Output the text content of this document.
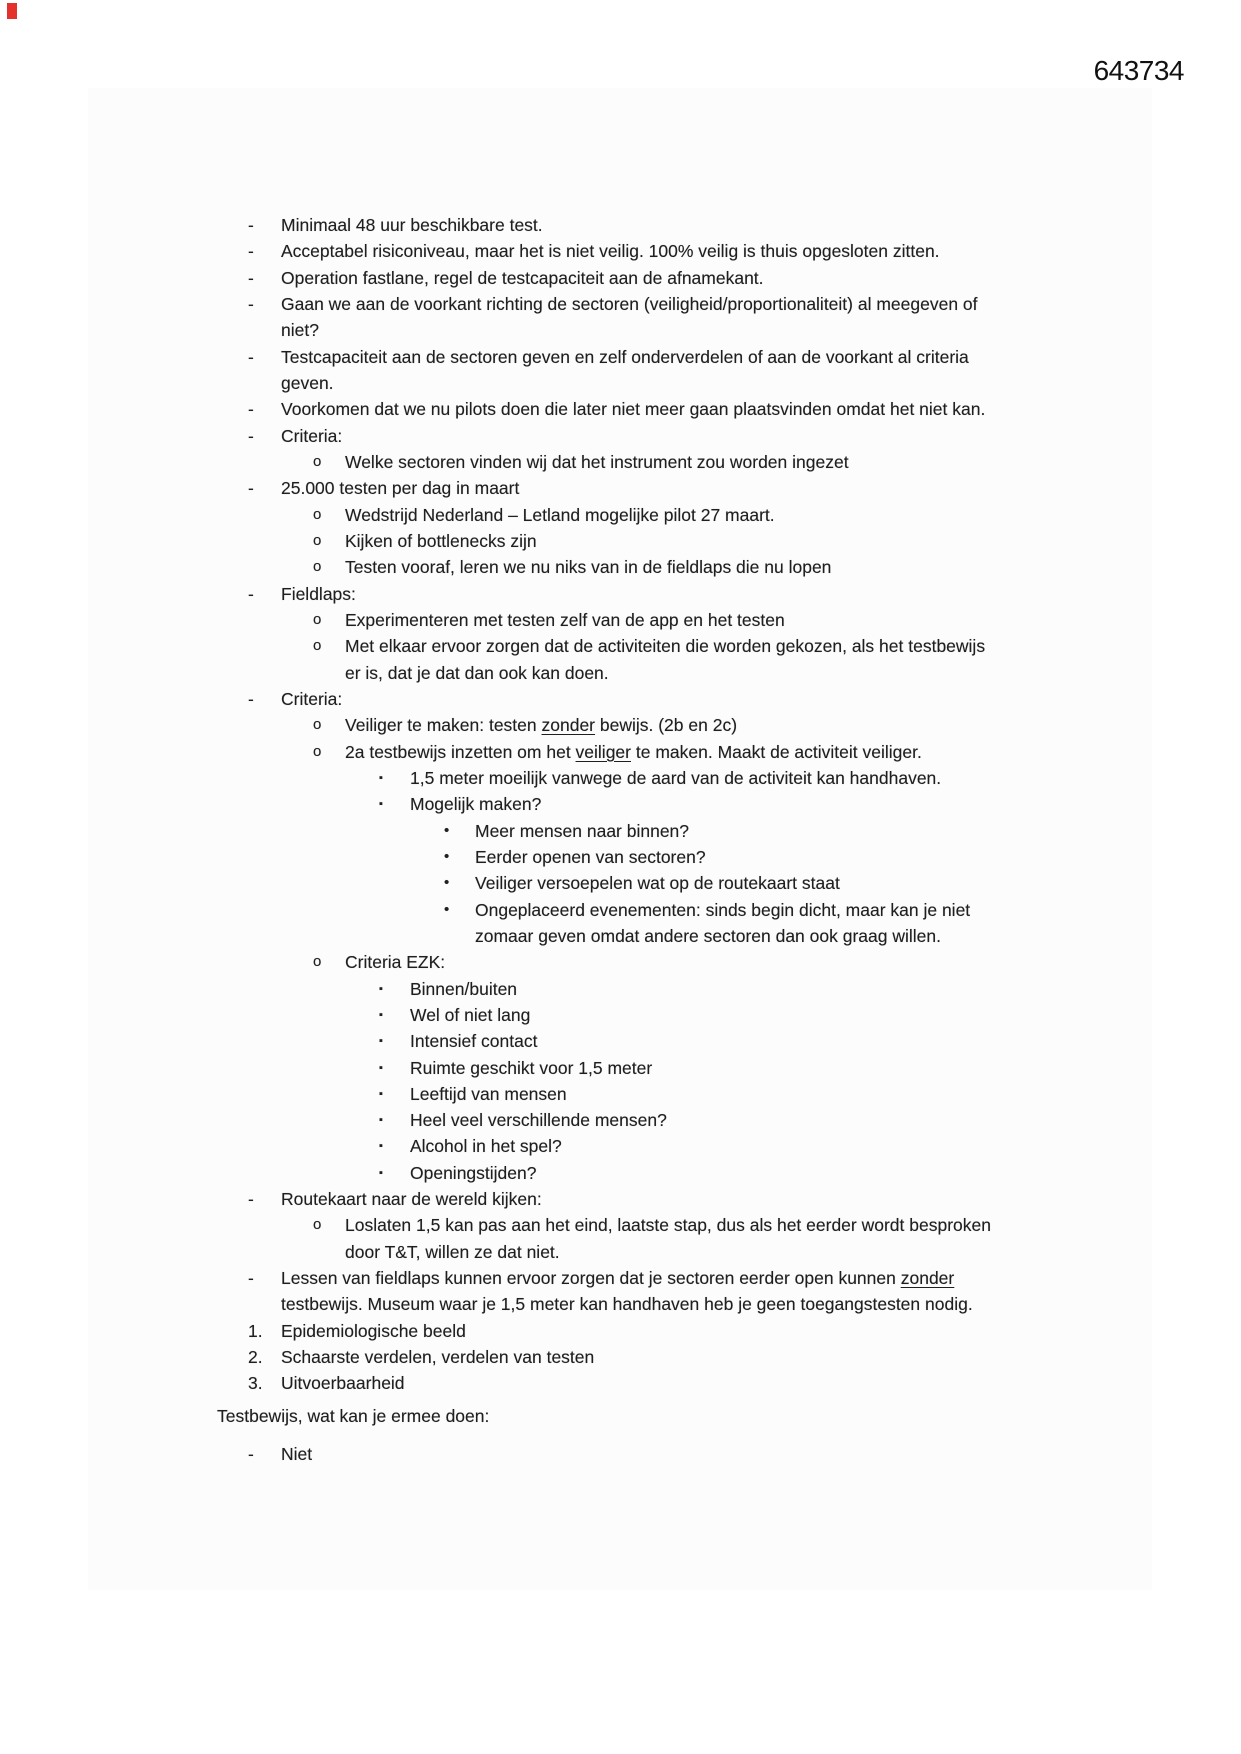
643734
- Minimaal 48 uur beschikbare test.
- Acceptabel risiconiveau, maar het is niet veilig. 100% veilig is thuis opgesloten zitten.
- Operation fastlane, regel de testcapaciteit aan de afnamekant.
- Gaan we aan de voorkant richting de sectoren (veiligheid/proportionaliteit) al meegeven of
niet?
- Testcapaciteit aan de sectoren geven en zelf onderverdelen of aan de voorkant al criteria
geven.
- Voorkomen dat we nu pilots doen die later niet meer gaan plaatsvinden omdat het niet kan.
- Criteria:
o Welke sectoren vinden wij dat het instrument zou worden ingezet
- 25.000 testen per dag in maart
o Wedstrijd Nederland – Letland mogelijke pilot 27 maart.
o Kijken of bottlenecks zijn
o Testen vooraf, leren we nu niks van in de fieldlaps die nu lopen
- Fieldlaps:
o Experimenteren met testen zelf van de app en het testen
o Met elkaar ervoor zorgen dat de activiteiten die worden gekozen, als het testbewijs
er is, dat je dat dan ook kan doen.
- Criteria:
o Veiliger te maken: testen zonder bewijs. (2b en 2c)
o 2a testbewijs inzetten om het veiliger te maken. Maakt de activiteit veiliger.
▪ 1,5 meter moeilijk vanwege de aard van de activiteit kan handhaven.
▪ Mogelijk maken?
• Meer mensen naar binnen?
• Eerder openen van sectoren?
• Veiliger versoepelen wat op de routekaart staat
• Ongeplaceerd evenementen: sinds begin dicht, maar kan je niet
zomaar geven omdat andere sectoren dan ook graag willen.
o Criteria EZK:
▪ Binnen/buiten
▪ Wel of niet lang
▪ Intensief contact
▪ Ruimte geschikt voor 1,5 meter
▪ Leeftijd van mensen
▪ Heel veel verschillende mensen?
▪ Alcohol in het spel?
▪ Openingstijden?
- Routekaart naar de wereld kijken:
o Loslaten 1,5 kan pas aan het eind, laatste stap, dus als het eerder wordt besproken
door T&T, willen ze dat niet.
- Lessen van fieldlaps kunnen ervoor zorgen dat je sectoren eerder open kunnen zonder
testbewijs. Museum waar je 1,5 meter kan handhaven heb je geen toegangstesten nodig.
1. Epidemiologische beeld
2. Schaarste verdelen, verdelen van testen
3. Uitvoerbaarheid
Testbewijs, wat kan je ermee doen:
- Niet
